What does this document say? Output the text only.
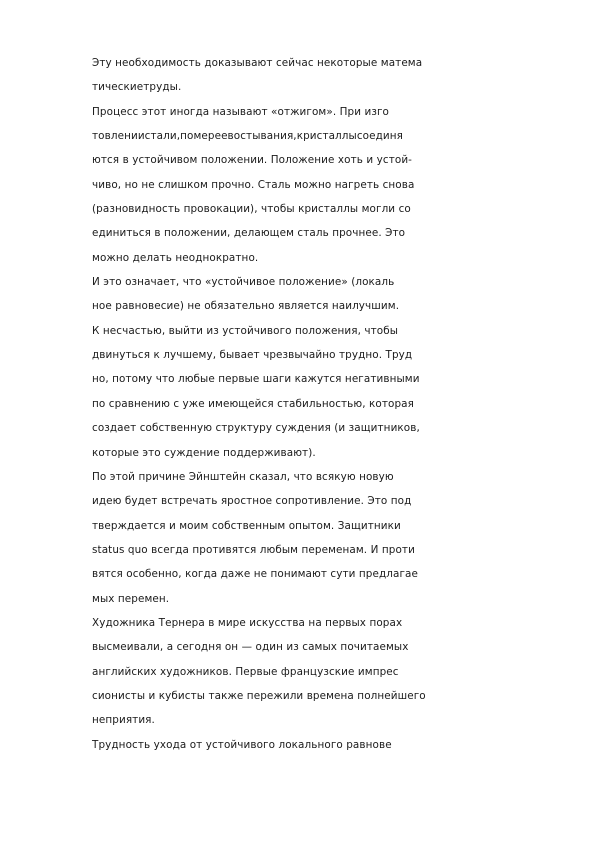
Эту необходимость доказывают сейчас некоторые матема
тическиетруды.
Процесс этот иногда называют «отжигом». При изго
товлениистали,помереевостывания,кристаллысоединя
ются в устойчивом положении. Положение хоть и устой-
чиво, но не слишком прочно. Сталь можно нагреть снова
(разновидность провокации), чтобы кристаллы могли со
единиться в положении, делающем сталь прочнее. Это
можно делать неоднократно.
И это означает, что «устойчивое положение» (локаль
ное равновесие) не обязательно является наилучшим.
К несчастью, выйти из устойчивого положения, чтобы
двинуться к лучшему, бывает чрезвычайно трудно. Труд
но, потому что любые первые шаги кажутся негативными
по сравнению с уже имеющейся стабильностью, которая
создает собственную структуру суждения (и защитников,
которые это суждение поддерживают).
По этой причине Эйнштейн сказал, что всякую новую
идею будет встречать яростное сопротивление. Это под
тверждается и моим собственным опытом. Защитники
status quo всегда противятся любым переменам. И проти
вятся особенно, когда даже не понимают сути предлагае
мых перемен.
Художника Тернера в мире искусства на первых порах
высмеивали, а сегодня он — один из самых почитаемых
английских художников. Первые французские импрес
сионисты и кубисты также пережили времена полнейшего
неприятия.
Трудность ухода от устойчивого локального равнове
